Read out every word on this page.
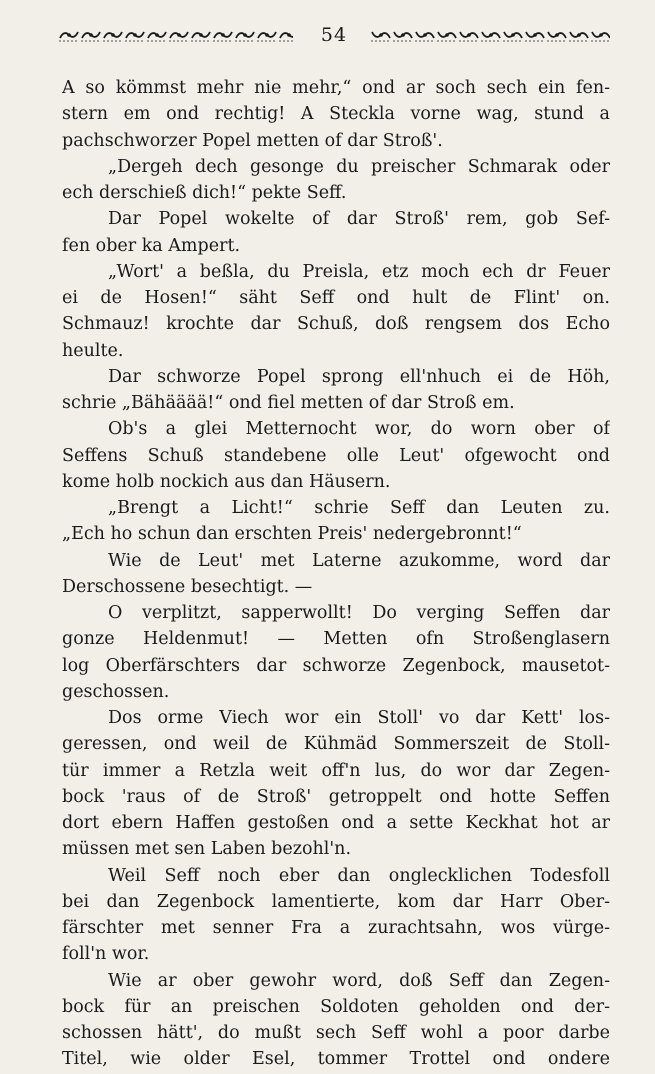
54
A so kömmst mehr nie mehr,“ ond ar soch sech ein fen-
stern em ond rechtig! A Steckla vorne wag, stund a
pachschworzer Popel metten of dar Stroß'.
„Dergeh dech gesonge du preischer Schmarak oder
ech derschieß dich!“ pekte Seff.
Dar Popel wokelte of dar Stroß' rem, gob Sef-
fen ober ka Ampert.
„Wort' a beßla, du Preisla, etz moch ech dr Feuer
ei de Hosen!“ säht Seff ond hult de Flint' on.
Schmauz! krochte dar Schuß, doß rengsem dos Echo
heulte.
Dar schworze Popel sprong ell'nhuch ei de Höh,
schrie „Bähääää!“ ond fiel metten of dar Stroß em.
Ob's a glei Metternocht wor, do worn ober of
Seffens Schuß standebene olle Leut' ofgewocht ond
kome holb nockich aus dan Häusern.
„Brengt a Licht!“ schrie Seff dan Leuten zu.
„Ech ho schun dan erschten Preis' nedergebronnt!“
Wie de Leut' met Laterne azukomme, word dar
Derschossene besechtigt. —
O verplitzt, sapperwollt! Do verging Seffen dar
gonze Heldenmut! — Metten ofn Stroßenglasern
log Oberfärschters dar schworze Zegenbock, mausetot-
geschossen.
Dos orme Viech wor ein Stoll' vo dar Kett' los-
geressen, ond weil de Kühmäd Sommerszeit de Stoll-
tür immer a Retzla weit off'n lus, do wor dar Zegen-
bock 'raus of de Stroß' getroppelt ond hotte Seffen
dort ebern Haffen gestoßen ond a sette Keckhat hot ar
müssen met sen Laben bezohl'n.
Weil Seff noch eber dan onglecklichen Todesfoll
bei dan Zegenbock lamentierte, kom dar Harr Ober-
färschter met senner Fra a zurachtsahn, wos vürge-
foll'n wor.
Wie ar ober gewohr word, doß Seff dan Zegen-
bock für an preischen Soldoten geholden ond der-
schossen hätt', do mußt sech Seff wohl a poor darbe
Titel, wie older Esel, tommer Trottel ond ondere
